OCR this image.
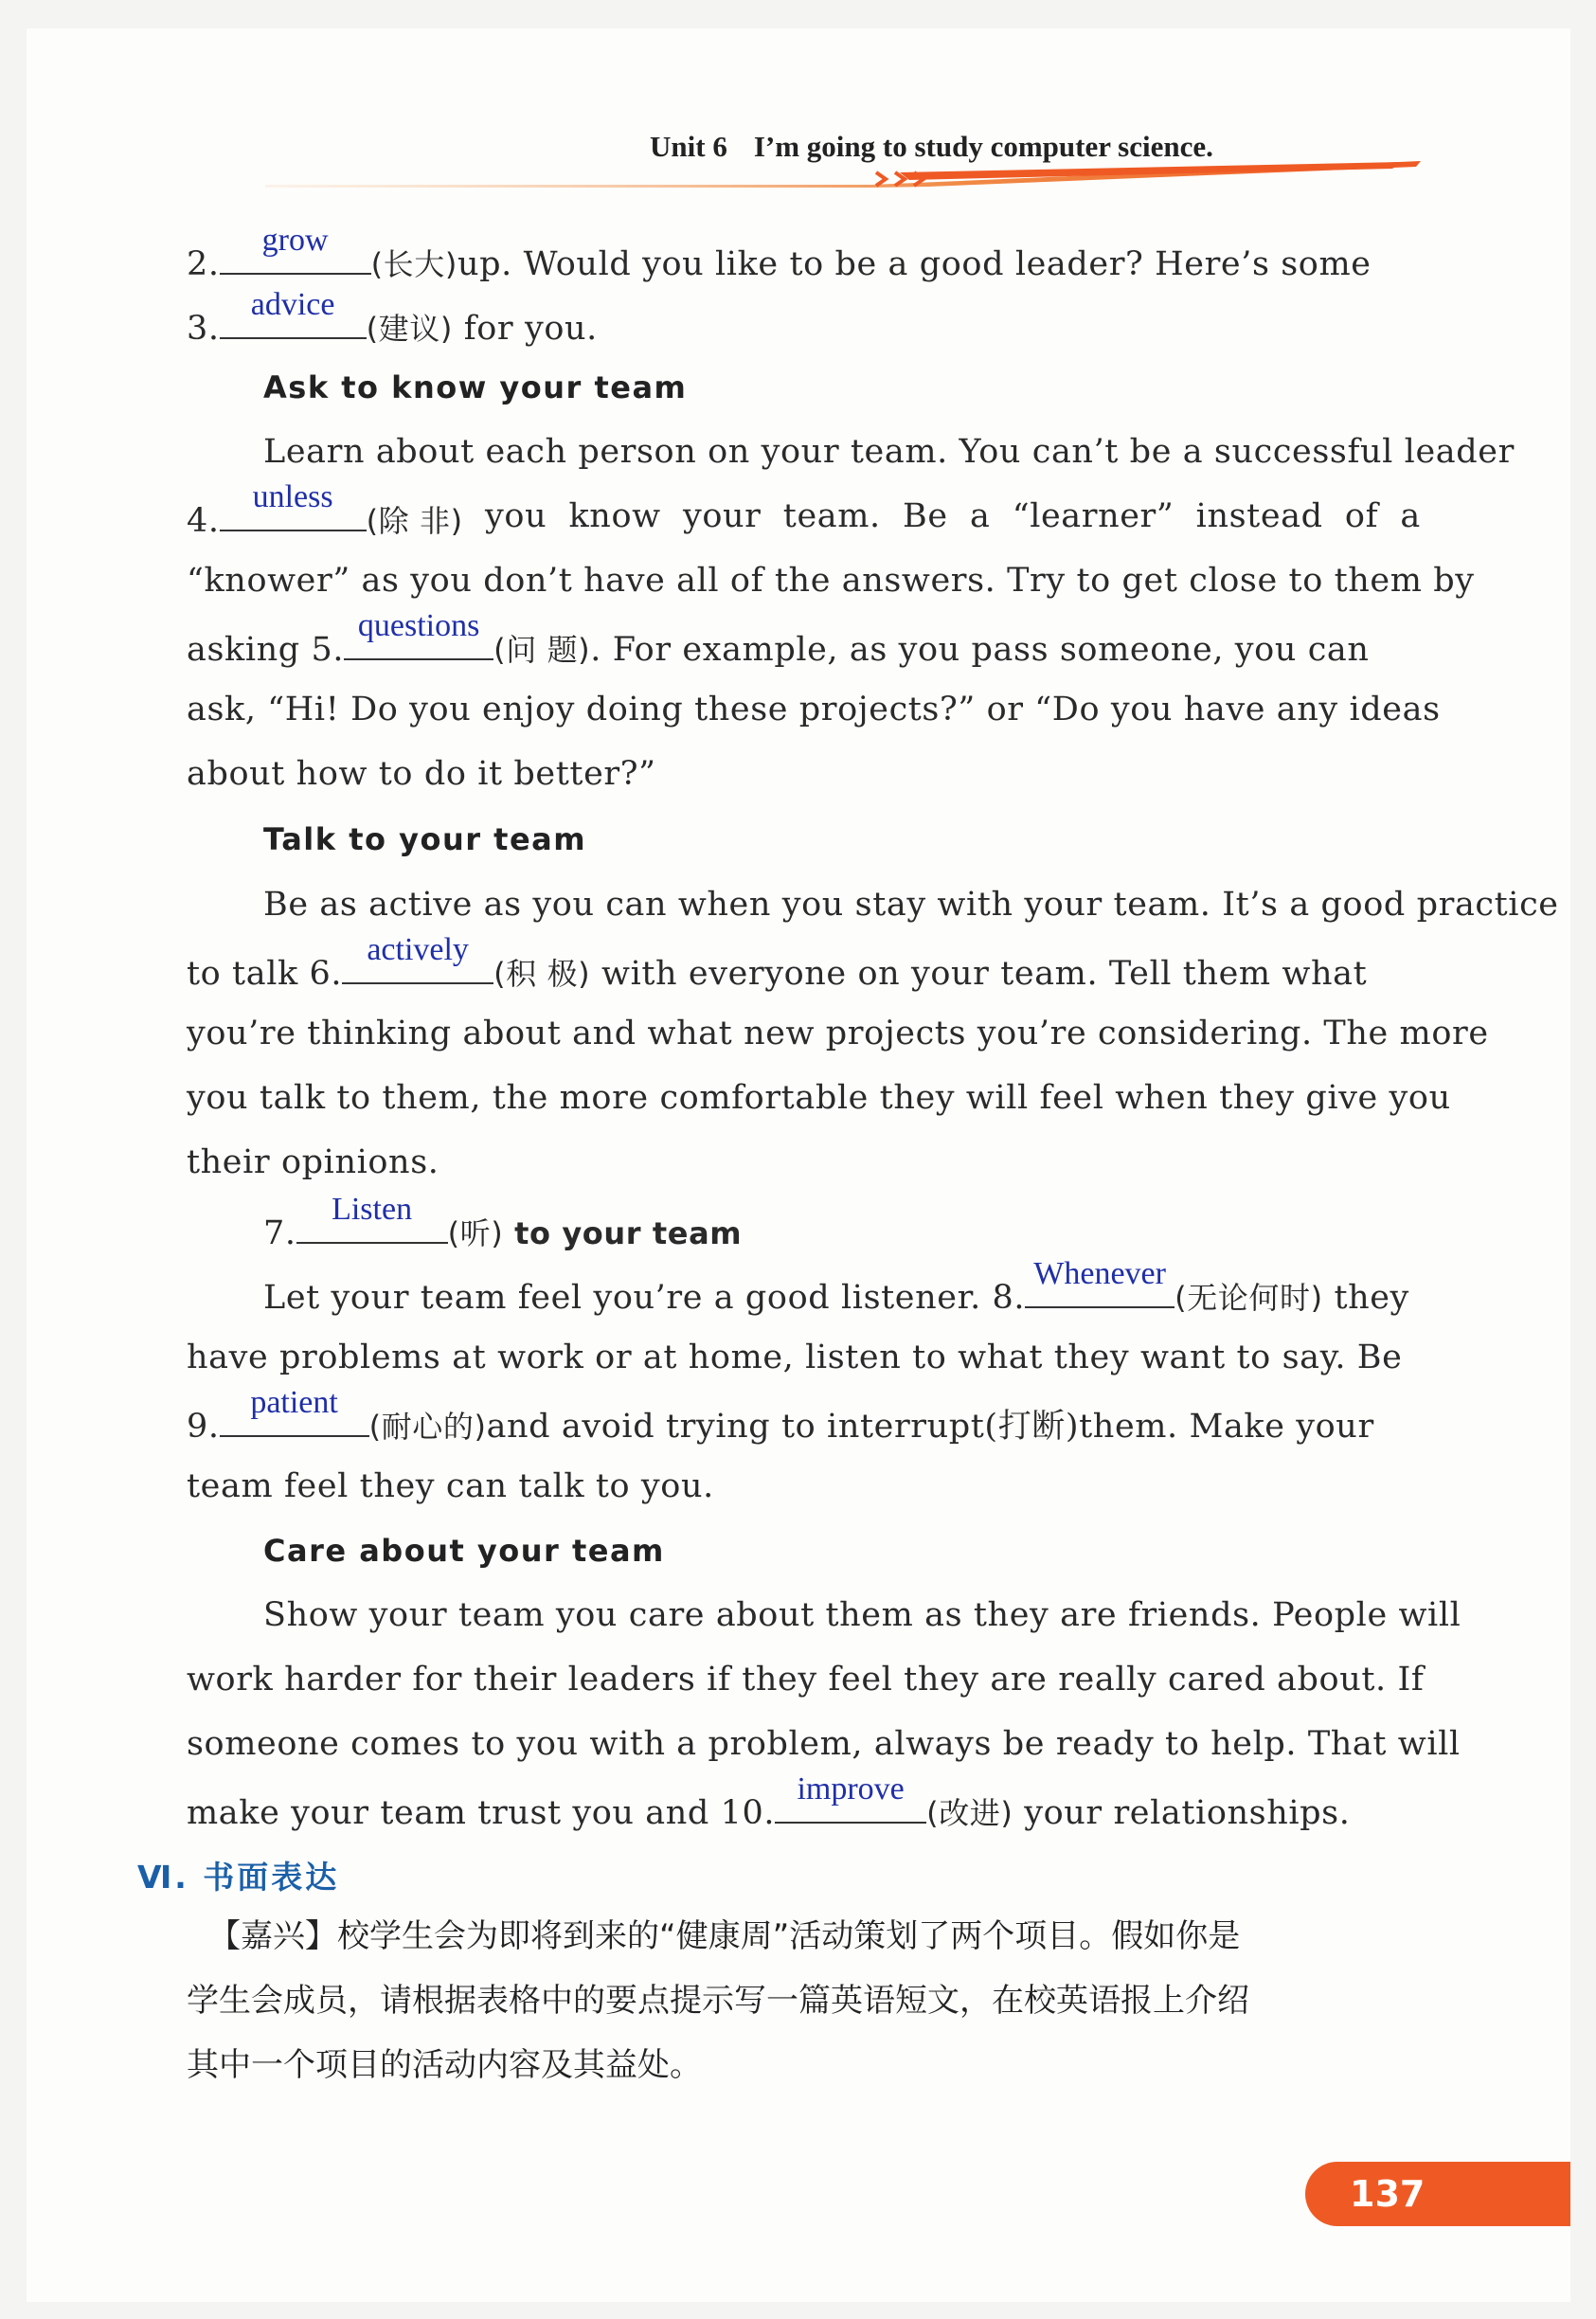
Unit 6 I’m going to study computer science.
2.
grow
(长大)up. Would you like to be a good leader? Here’s some
3.
advice
(建议) for you.
Ask to know your team
Learn about each person on your team. You can’t be a successful leader
4.
unless
(除 非) you know your team. Be a “learner” instead of a
“knower” as you don’t have all of the answers. Try to get close to them by
asking 5.
questions
(问 题). For example, as you pass someone, you can
ask, “Hi! Do you enjoy doing these projects?” or “Do you have any ideas
about how to do it better?”
Talk to your team
Be as active as you can when you stay with your team. It’s a good practice
to talk 6.
actively
(积 极) with everyone on your team. Tell them what
you’re thinking about and what new projects you’re considering. The more
you talk to them, the more comfortable they will feel when they give you
their opinions.
7.
Listen
(听) to your team
Let your team feel you’re a good listener. 8.
Whenever
(无论何时) they
have problems at work or at home, listen to what they want to say. Be
9.
patient
(耐心的)and avoid trying to interrupt(打断)them. Make your
team feel they can talk to you.
Care about your team
Show your team you care about them as they are friends. People will
work harder for their leaders if they feel they are really cared about. If
someone comes to you with a problem, always be ready to help. That will
make your team trust you and 10.
improve
(改进) your relationships.
Ⅵ. 书面表达
【嘉兴】校学生会为即将到来的“健康周”活动策划了两个项目。假如你是
学生会成员，请根据表格中的要点提示写一篇英语短文，在校英语报上介绍
其中一个项目的活动内容及其益处。
137
